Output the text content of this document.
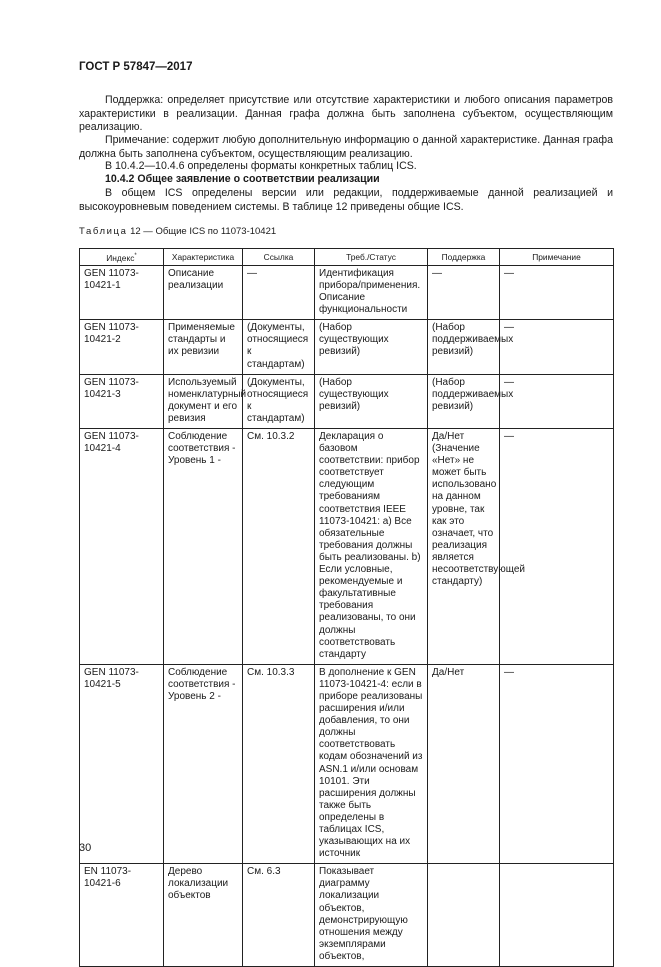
ГОСТ Р 57847—2017

Поддержка: определяет присутствие или отсутствие характеристики и любого описания параметров характеристики в реализации. Данная графа должна быть заполнена субъектом, осуществляющим реализацию.

Примечание: содержит любую дополнительную информацию о данной характеристике. Данная графа должна быть заполнена субъектом, осуществляющим реализацию.

В 10.4.2—10.4.6 определены форматы конкретных таблиц ICS.

10.4.2 Общее заявление о соответствии реализации

В общем ICS определены версии или редакции, поддерживаемые данной реализацией и высокоуровневым поведением системы. В таблице 12 приведены общие ICS.

Таблица 12 — Общие ICS по 11073-10421
Индекс*	Характеристика	Ссылка	Треб./Статус	Поддержка	Примечание
GEN 11073-10421-1	Описание реализации	—	Идентификация прибора/применения. Описание функциональности	—	—
GEN 11073-10421-2	Применяемые стандарты и их ревизии	(Документы, относящиеся к стандартам)	(Набор существующих ревизий)	(Набор поддерживаемых ревизий)	—
GEN 11073-10421-3	Используемый номенклатурный документ и его ревизия	(Документы, относящиеся к стандартам)	(Набор существующих ревизий)	(Набор поддерживаемых ревизий)	—
GEN 11073-10421-4	Соблюдение соответствия - Уровень 1 -	См. 10.3.2	Декларация о базовом соответствии: прибор соответствует следующим требованиям соответствия IEEE 11073-10421: а) Все обязательные требования должны быть реализованы. b) Если условные, рекомендуемые и факультативные требования реализованы, то они должны соответствовать стандарту	Да/Нет (Значение «Нет» не может быть использовано на данном уровне, так как это означает, что реализация является несоответствующей стандарту)	—
GEN 11073-10421-5	Соблюдение соответствия - Уровень 2 -	См. 10.3.3	В дополнение к GEN 11073-10421-4: если в приборе реализованы расширения и/или добавления, то они должны соответствовать кодам обозначений из ASN.1 и/или основам 10101. Эти расширения должны также быть определены в таблицах ICS, указывающих на их источник	Да/Нет	—
EN 11073-10421-6	Дерево локализации объектов	См. 6.3	Показывает диаграмму локализации объектов, демонстрирующую отношения между экземплярами объектов,		
30
